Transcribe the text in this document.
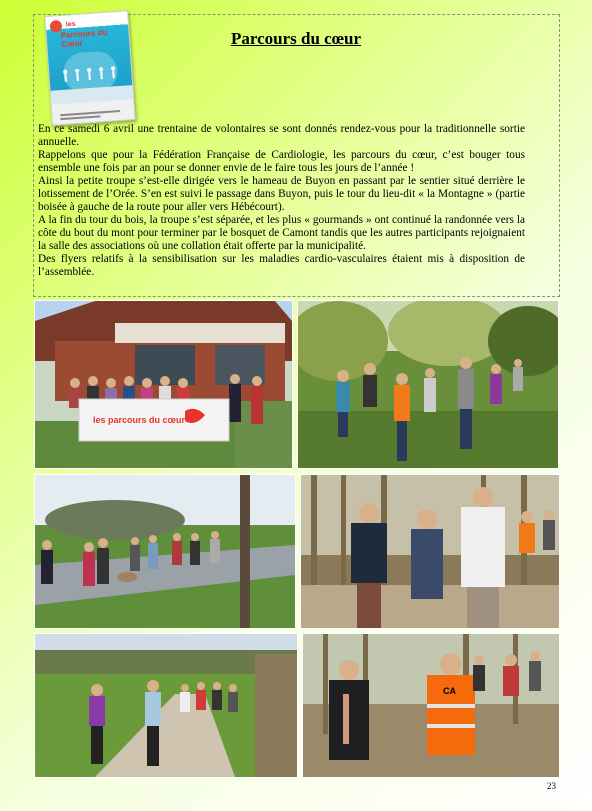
les
Parcours du Cœur	Parcours du cœur

En ce samedi 6 avril une trentaine de volontaires se sont donnés rendez-vous pour la traditionnelle sortie annuelle.

Rappelons que pour la Fédération Française de Cardiologie, les parcours du cœur, c’est bouger tous ensemble une fois par an pour se donner envie de le faire tous les jours de l’année !

Ainsi la petite troupe s’est-elle dirigée vers le hameau de Buyon en passant par le sentier situé derrière le lotissement de l’Orée. S’en est suivi le passage dans Buyon, puis le tour du lieu-dit « la Montagne » (partie boisée à gauche de la route pour aller vers Hébécourt).

A la fin du tour du bois, la troupe s’est séparée, et les plus « gourmands » ont continué la randonnée vers la côte du bout du mont pour terminer par le bosquet de Camont tandis que les autres participants rejoignaient la salle des associations où une collation était offerte par la municipalité.

Des flyers relatifs à la sensibilisation sur les maladies cardio-vasculaires étaient mis à disposition de l’assemblée.

les parcours du cœur
CA
23
